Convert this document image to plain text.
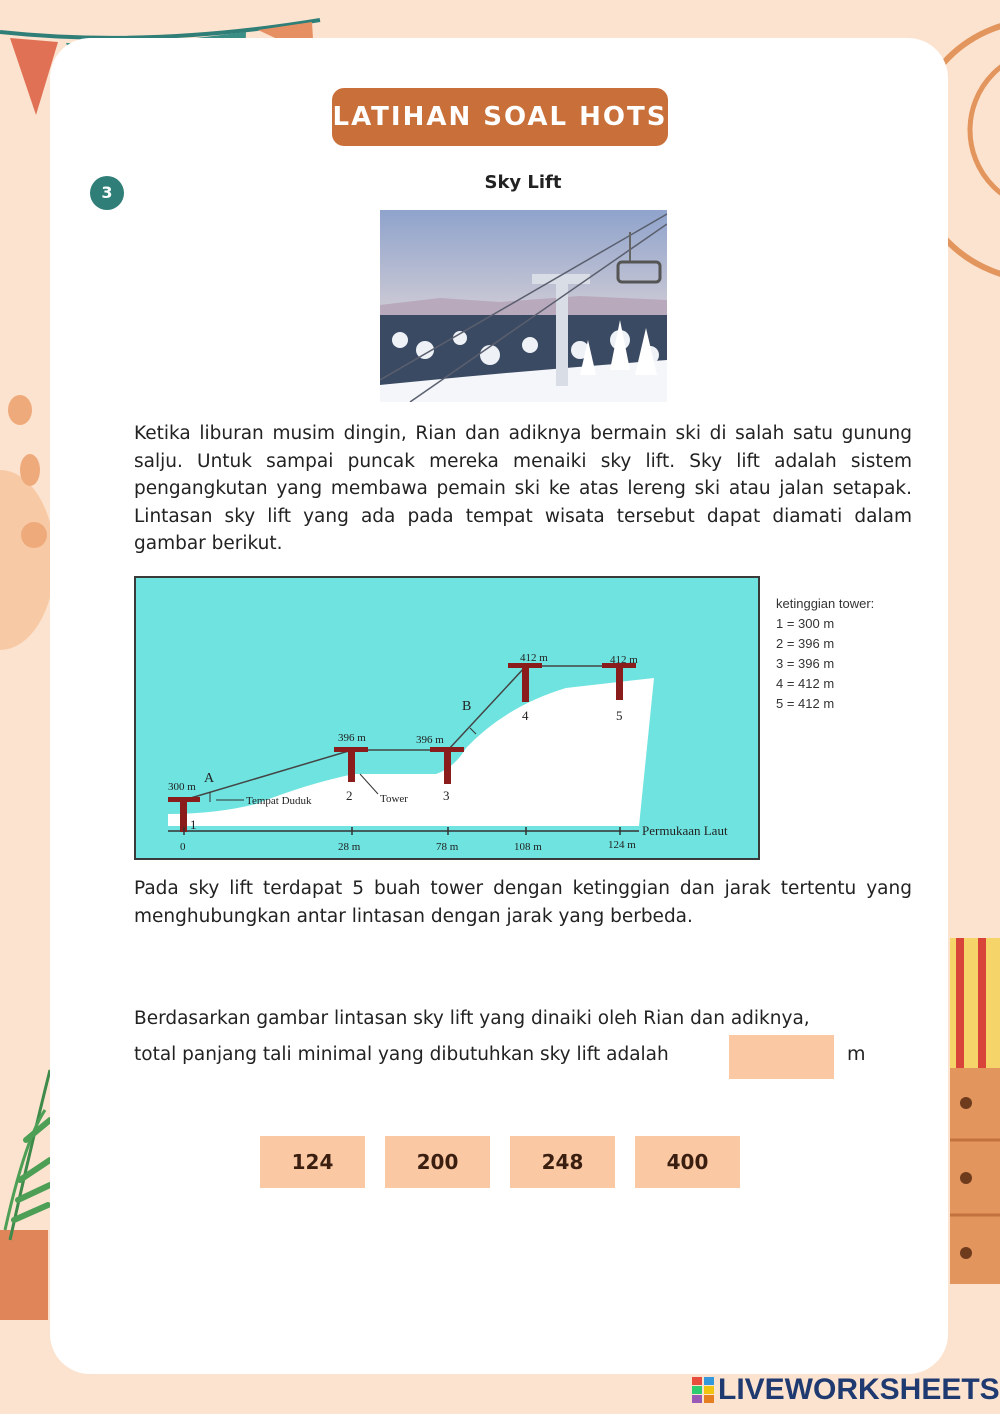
LATIHAN SOAL HOTS
3	Sky Lift

Ketika liburan musim dingin, Rian dan adiknya bermain ski di salah satu gunung salju. Untuk sampai puncak mereka menaiki sky lift. Sky lift adalah sistem pengangkutan yang membawa pemain ski ke atas lereng ski atau jalan setapak. Lintasan sky lift yang ada pada tempat wisata tersebut dapat diamati dalam gambar berikut.

300 m
396 m	396 m
412 m	412 m
1
2	3
4	5
0	28 m	78 m	108 m	124 m
A
B
Tempat Duduk	Tower
Permukaan Laut
ketinggian tower:
1 = 300 m
2 = 396 m
3 = 396 m
4 = 412 m
5 = 412 m

Pada sky lift terdapat 5 buah tower dengan ketinggian dan jarak tertentu yang menghubungkan antar lintasan dengan jarak yang berbeda.

Berdasarkan gambar lintasan sky lift yang dinaiki oleh Rian dan adiknya,

total panjang tali minimal yang dibutuhkan sky lift adalah	m
124	200	248	400
LIVEWORKSHEETS
